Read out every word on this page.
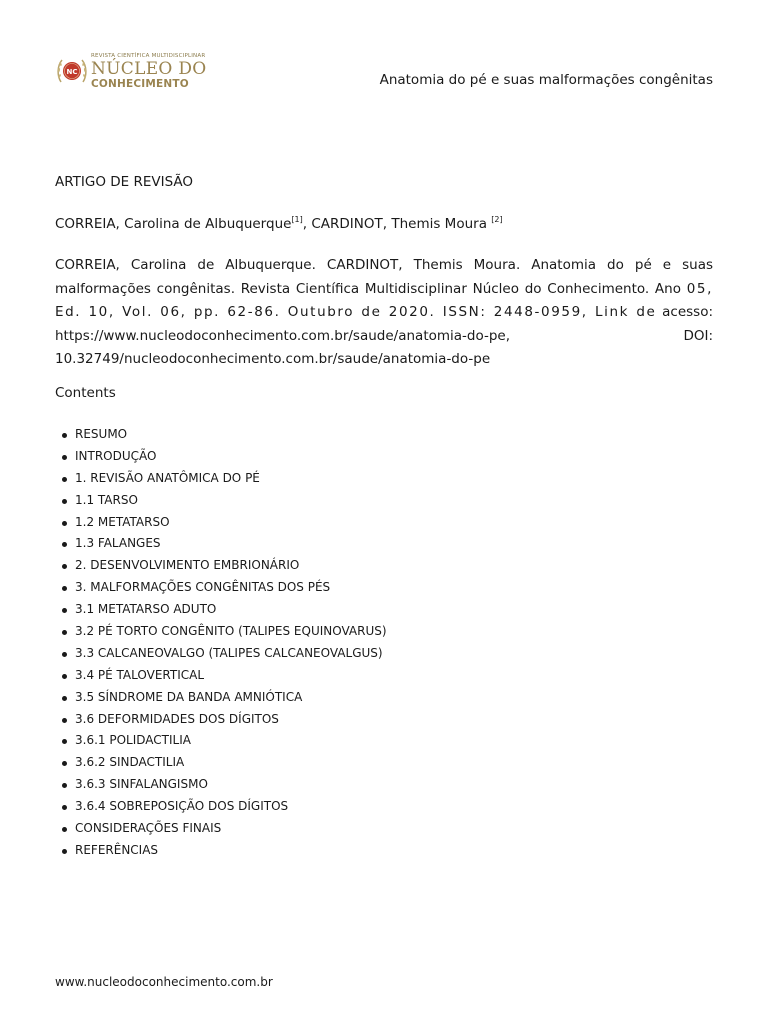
NC
REVISTA CIENTÍFICA MULTIDISCIPLINAR
NÚCLEO DO
CONHECIMENTO	Anatomia do pé e suas malformações congênitas
ARTIGO DE REVISÃO
CORREIA, Carolina de Albuquerque[1], CARDINOT, Themis Moura [2]
CORREIA, Carolina de Albuquerque. CARDINOT, Themis Moura. Anatomia do pé e suas malformações congênitas. Revista Científica Multidisciplinar Núcleo do Conhecimento. Ano 05, Ed. 10, Vol. 06, pp. 62-86. Outubro de 2020. ISSN: 2448-0959, Link de acesso: https://www.nucleodoconhecimento.com.br/saude/anatomia-do-pe, DOI: 10.32749/nucleodoconhecimento.com.br/saude/anatomia-do-pe
Contents
RESUMO
INTRODUÇÃO
1. REVISÃO ANATÔMICA DO PÉ
1.1 TARSO
1.2 METATARSO
1.3 FALANGES
2. DESENVOLVIMENTO EMBRIONÁRIO
3. MALFORMAÇÕES CONGÊNITAS DOS PÉS
3.1 METATARSO ADUTO
3.2 PÉ TORTO CONGÊNITO (TALIPES EQUINOVARUS)
3.3 CALCANEOVALGO (TALIPES CALCANEOVALGUS)
3.4 PÉ TALOVERTICAL
3.5 SÍNDROME DA BANDA AMNIÓTICA
3.6 DEFORMIDADES DOS DÍGITOS
3.6.1 POLIDACTILIA
3.6.2 SINDACTILIA
3.6.3 SINFALANGISMO
3.6.4 SOBREPOSIÇÃO DOS DÍGITOS
CONSIDERAÇÕES FINAIS
REFERÊNCIAS
www.nucleodoconhecimento.com.br
